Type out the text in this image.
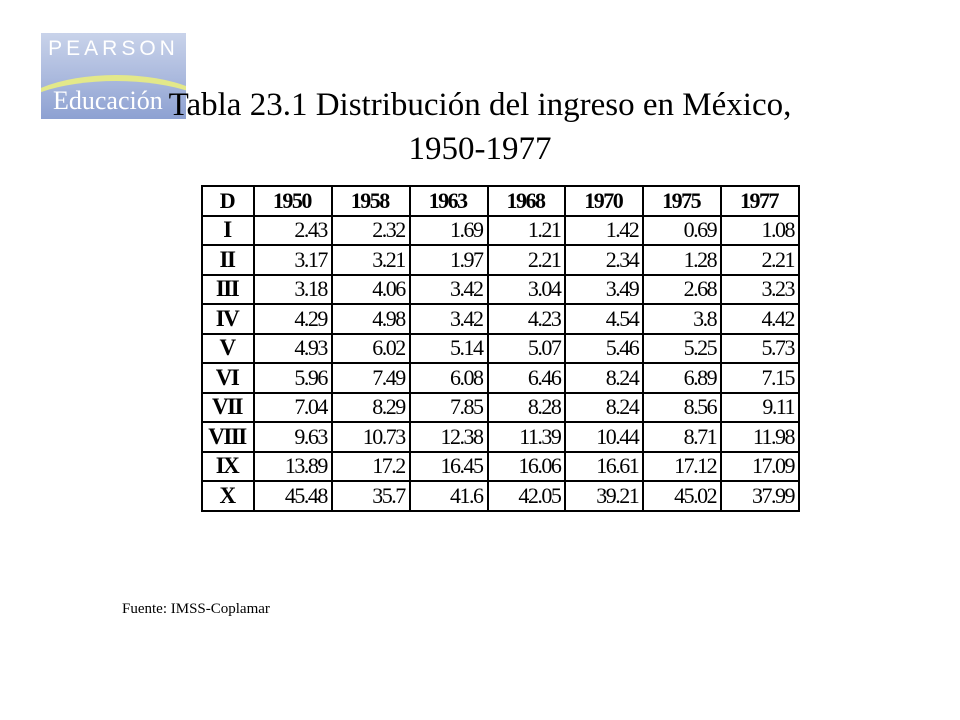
PEARSON
Educación Tabla 23.1 Distribución del ingreso en México,
1950-1977
D	1950	1958	1963	1968	1970	1975	1977
I	2.43	2.32	1.69	1.21	1.42	0.69	1.08
II	3.17	3.21	1.97	2.21	2.34	1.28	2.21
III	3.18	4.06	3.42	3.04	3.49	2.68	3.23
IV	4.29	4.98	3.42	4.23	4.54	3.8	4.42
V	4.93	6.02	5.14	5.07	5.46	5.25	5.73
VI	5.96	7.49	6.08	6.46	8.24	6.89	7.15
VII	7.04	8.29	7.85	8.28	8.24	8.56	9.11
VIII	9.63	10.73	12.38	11.39	10.44	8.71	11.98
IX	13.89	17.2	16.45	16.06	16.61	17.12	17.09
X	45.48	35.7	41.6	42.05	39.21	45.02	37.99
Fuente: IMSS-Coplamar
